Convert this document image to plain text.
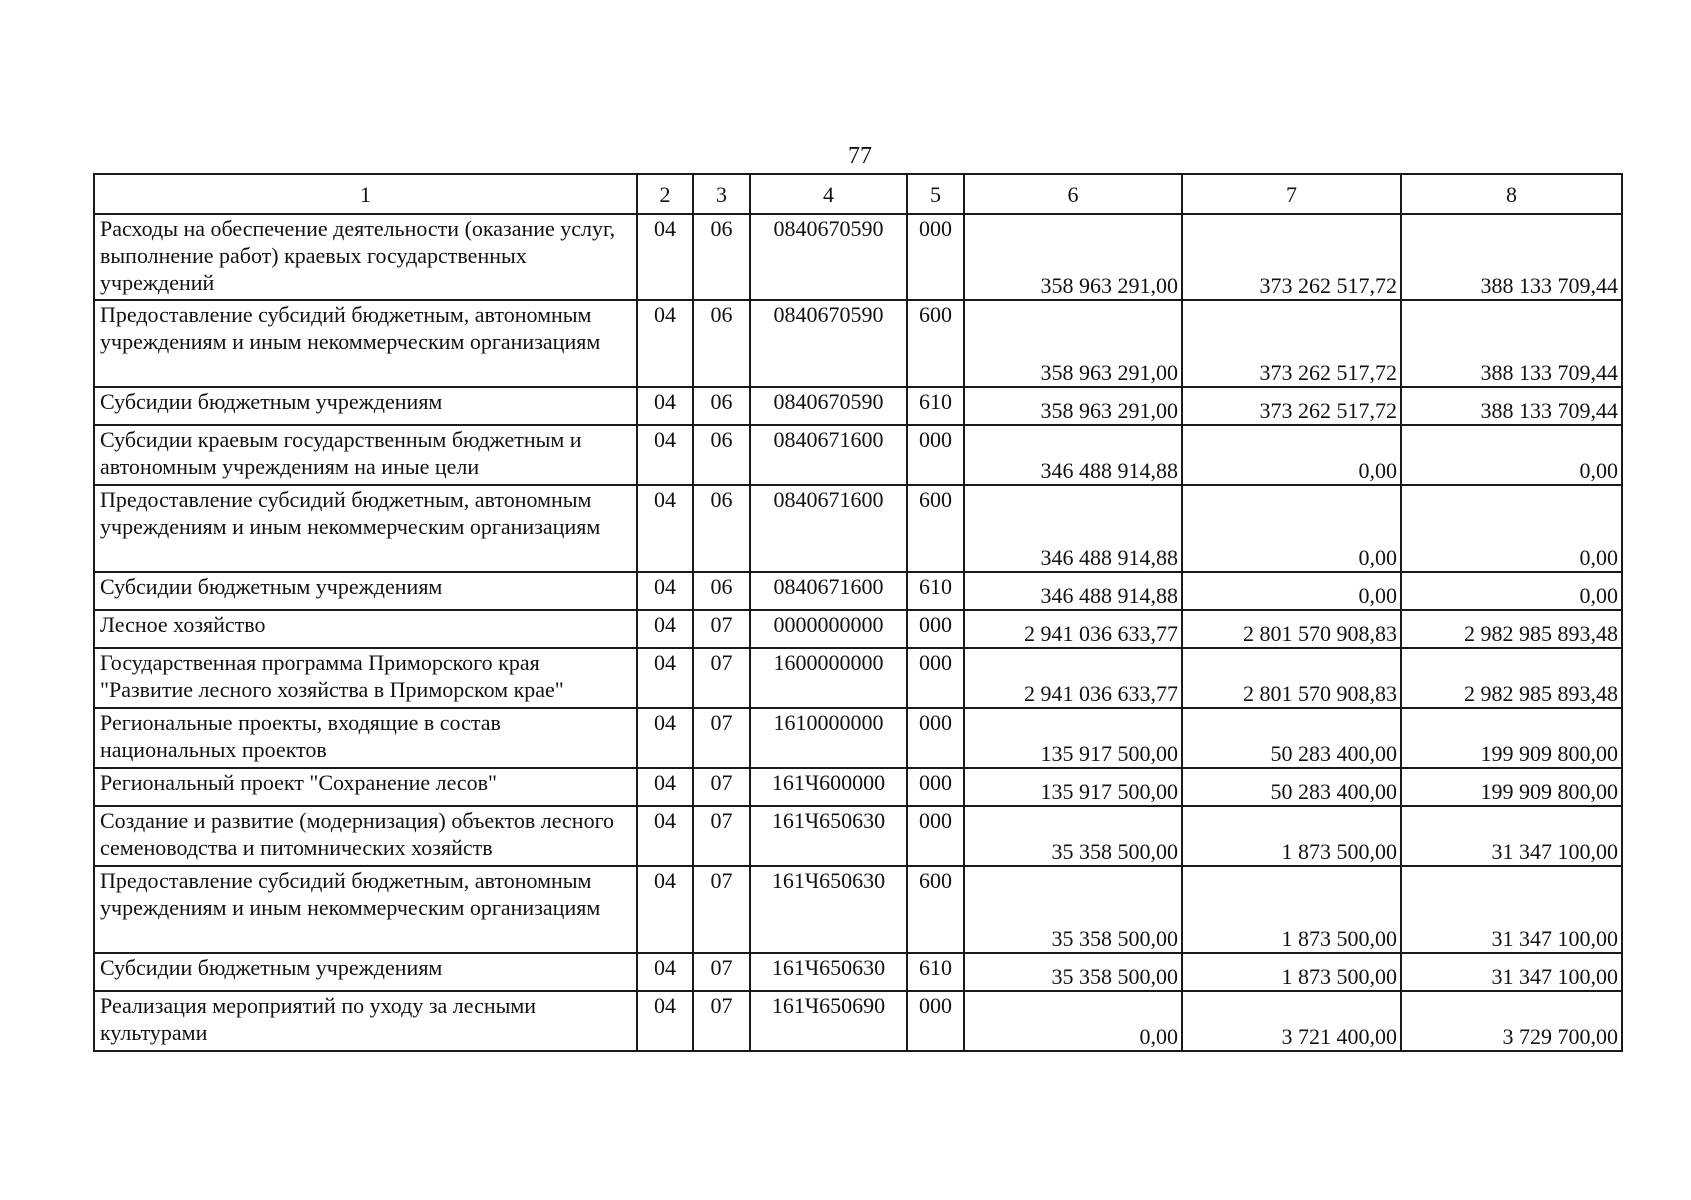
77
1	2	3	4	5	6	7	8
Расходы на обеспечение деятельности (оказание услуг, выполнение работ) краевых государственных учреждений	04	06	0840670590	000	358 963 291,00	373 262 517,72	388 133 709,44
Предоставление субсидий бюджетным, автономным учреждениям и иным некоммерческим организациям	04	06	0840670590	600	358 963 291,00	373 262 517,72	388 133 709,44
Субсидии бюджетным учреждениям	04	06	0840670590	610	358 963 291,00	373 262 517,72	388 133 709,44
Субсидии краевым государственным бюджетным и автономным учреждениям на иные цели	04	06	0840671600	000	346 488 914,88	0,00	0,00
Предоставление субсидий бюджетным, автономным учреждениям и иным некоммерческим организациям	04	06	0840671600	600	346 488 914,88	0,00	0,00
Субсидии бюджетным учреждениям	04	06	0840671600	610	346 488 914,88	0,00	0,00
Лесное хозяйство	04	07	0000000000	000	2 941 036 633,77	2 801 570 908,83	2 982 985 893,48
Государственная программа Приморского края "Развитие лесного хозяйства в Приморском крае"	04	07	1600000000	000	2 941 036 633,77	2 801 570 908,83	2 982 985 893,48
Региональные проекты, входящие в состав национальных проектов	04	07	1610000000	000	135 917 500,00	50 283 400,00	199 909 800,00
Региональный проект "Сохранение лесов"	04	07	161Ч600000	000	135 917 500,00	50 283 400,00	199 909 800,00
Создание и развитие (модернизация) объектов лесного семеноводства и питомнических хозяйств	04	07	161Ч650630	000	35 358 500,00	1 873 500,00	31 347 100,00
Предоставление субсидий бюджетным, автономным учреждениям и иным некоммерческим организациям	04	07	161Ч650630	600	35 358 500,00	1 873 500,00	31 347 100,00
Субсидии бюджетным учреждениям	04	07	161Ч650630	610	35 358 500,00	1 873 500,00	31 347 100,00
Реализация мероприятий по уходу за лесными культурами	04	07	161Ч650690	000	0,00	3 721 400,00	3 729 700,00
